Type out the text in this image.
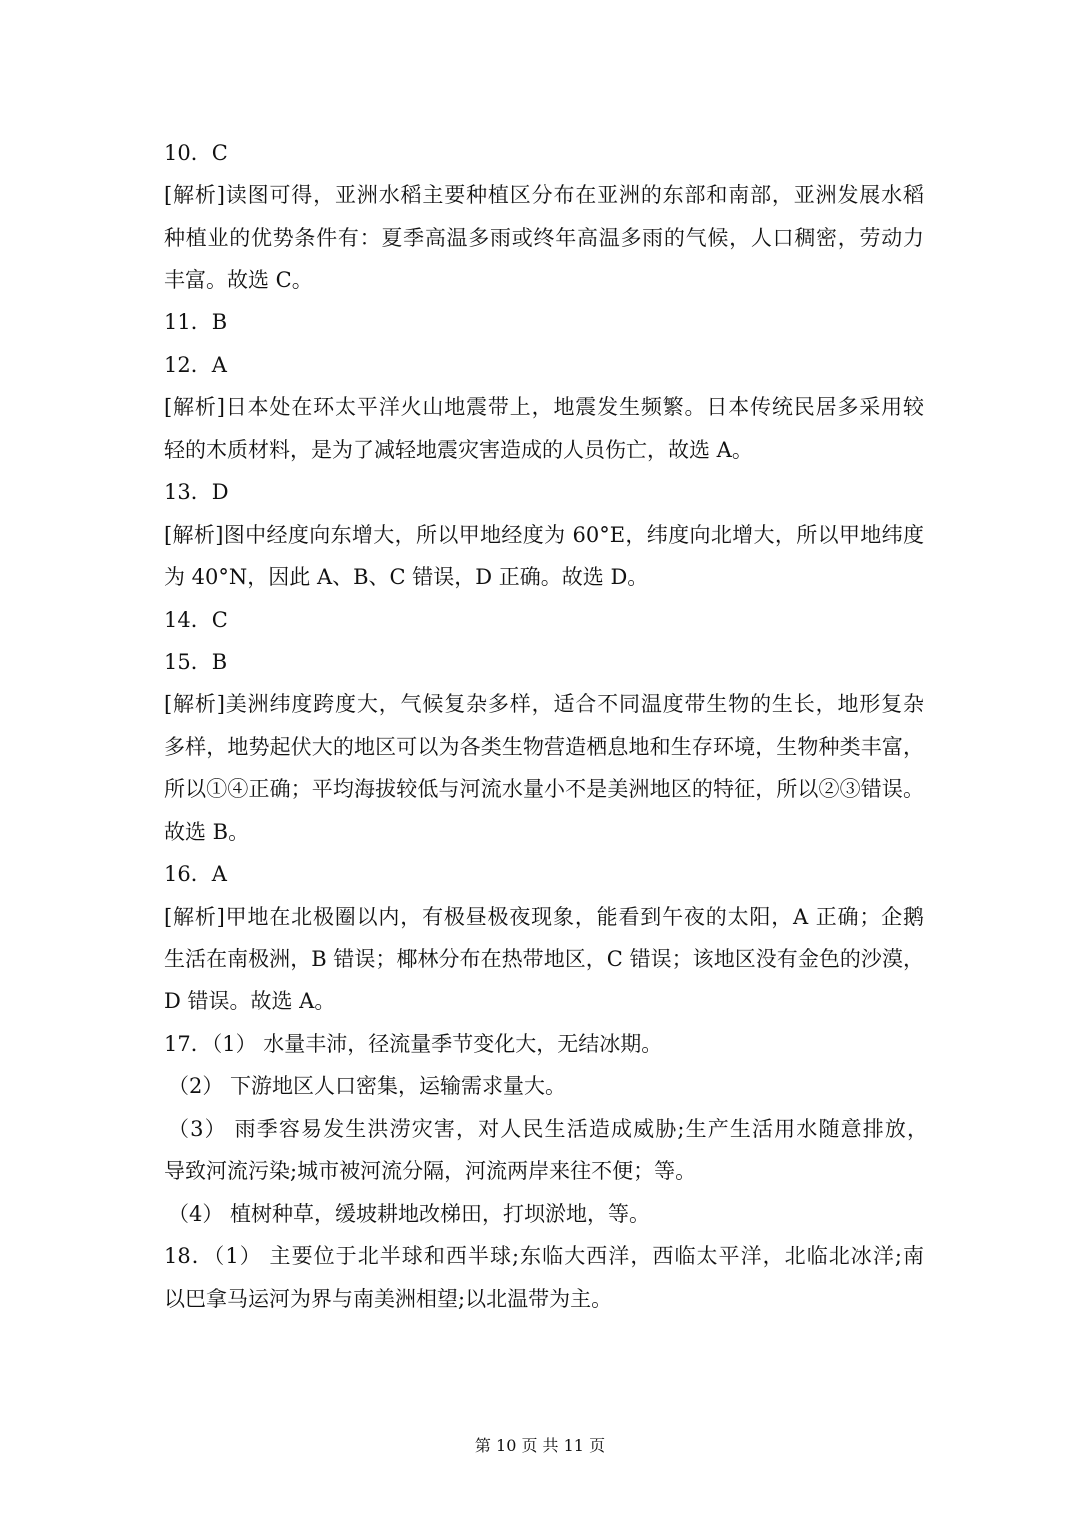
10．C
[解析]读图可得，亚洲水稻主要种植区分布在亚洲的东部和南部，亚洲发展水稻
种植业的优势条件有：夏季高温多雨或终年高温多雨的气候，人口稠密，劳动力
丰富。故选 C。
11．B
12．A
[解析]日本处在环太平洋火山地震带上，地震发生频繁。日本传统民居多采用较
轻的木质材料，是为了减轻地震灾害造成的人员伤亡，故选 A。
13．D
[解析]图中经度向东增大，所以甲地经度为 60°E，纬度向北增大，所以甲地纬度
为 40°N，因此 A、B、C 错误，D 正确。故选 D。
14．C
15．B
[解析]美洲纬度跨度大，气候复杂多样，适合不同温度带生物的生长，地形复杂
多样，地势起伏大的地区可以为各类生物营造栖息地和生存环境，生物种类丰富，
所以①④正确；平均海拔较低与河流水量小不是美洲地区的特征，所以②③错误。
故选 B。
16．A
[解析]甲地在北极圈以内，有极昼极夜现象，能看到午夜的太阳，A 正确；企鹅
生活在南极洲，B 错误；椰林分布在热带地区，C 错误；该地区没有金色的沙漠，
D 错误。故选 A。
17．（1） 水量丰沛，径流量季节变化大，无结冰期。
（2） 下游地区人口密集，运输需求量大。
（3） 雨季容易发生洪涝灾害，对人民生活造成威胁;生产生活用水随意排放，
导致河流污染;城市被河流分隔，河流两岸来往不便；等。
（4） 植树种草，缓坡耕地改梯田，打坝淤地，等。
18．（1） 主要位于北半球和西半球;东临大西洋，西临太平洋，北临北冰洋;南
以巴拿马运河为界与南美洲相望;以北温带为主。
第 10 页 共 11 页
